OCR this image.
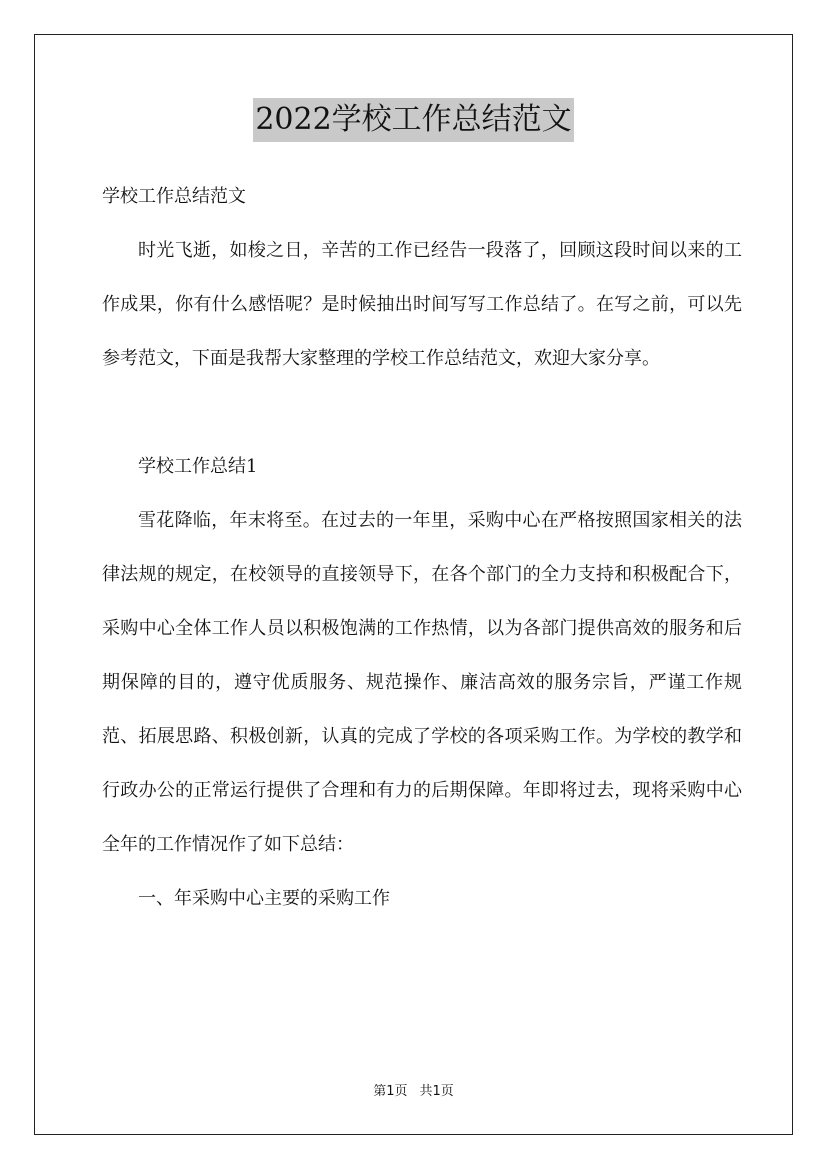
2022学校工作总结范文

学校工作总结范文

时光飞逝，如梭之日，辛苦的工作已经告一段落了，回顾这段时间以来的工作成果，你有什么感悟呢？是时候抽出时间写写工作总结了。在写之前，可以先参考范文，下面是我帮大家整理的学校工作总结范文，欢迎大家分享。

学校工作总结1

雪花降临，年末将至。在过去的一年里，采购中心在严格按照国家相关的法律法规的规定，在校领导的直接领导下，在各个部门的全力支持和积极配合下，采购中心全体工作人员以积极饱满的工作热情，以为各部门提供高效的服务和后期保障的目的，遵守优质服务、规范操作、廉洁高效的服务宗旨，严谨工作规范、拓展思路、积极创新，认真的完成了学校的各项采购工作。为学校的教学和行政办公的正常运行提供了合理和有力的后期保障。年即将过去，现将采购中心全年的工作情况作了如下总结：

一、年采购中心主要的采购工作

第1页 共1页
